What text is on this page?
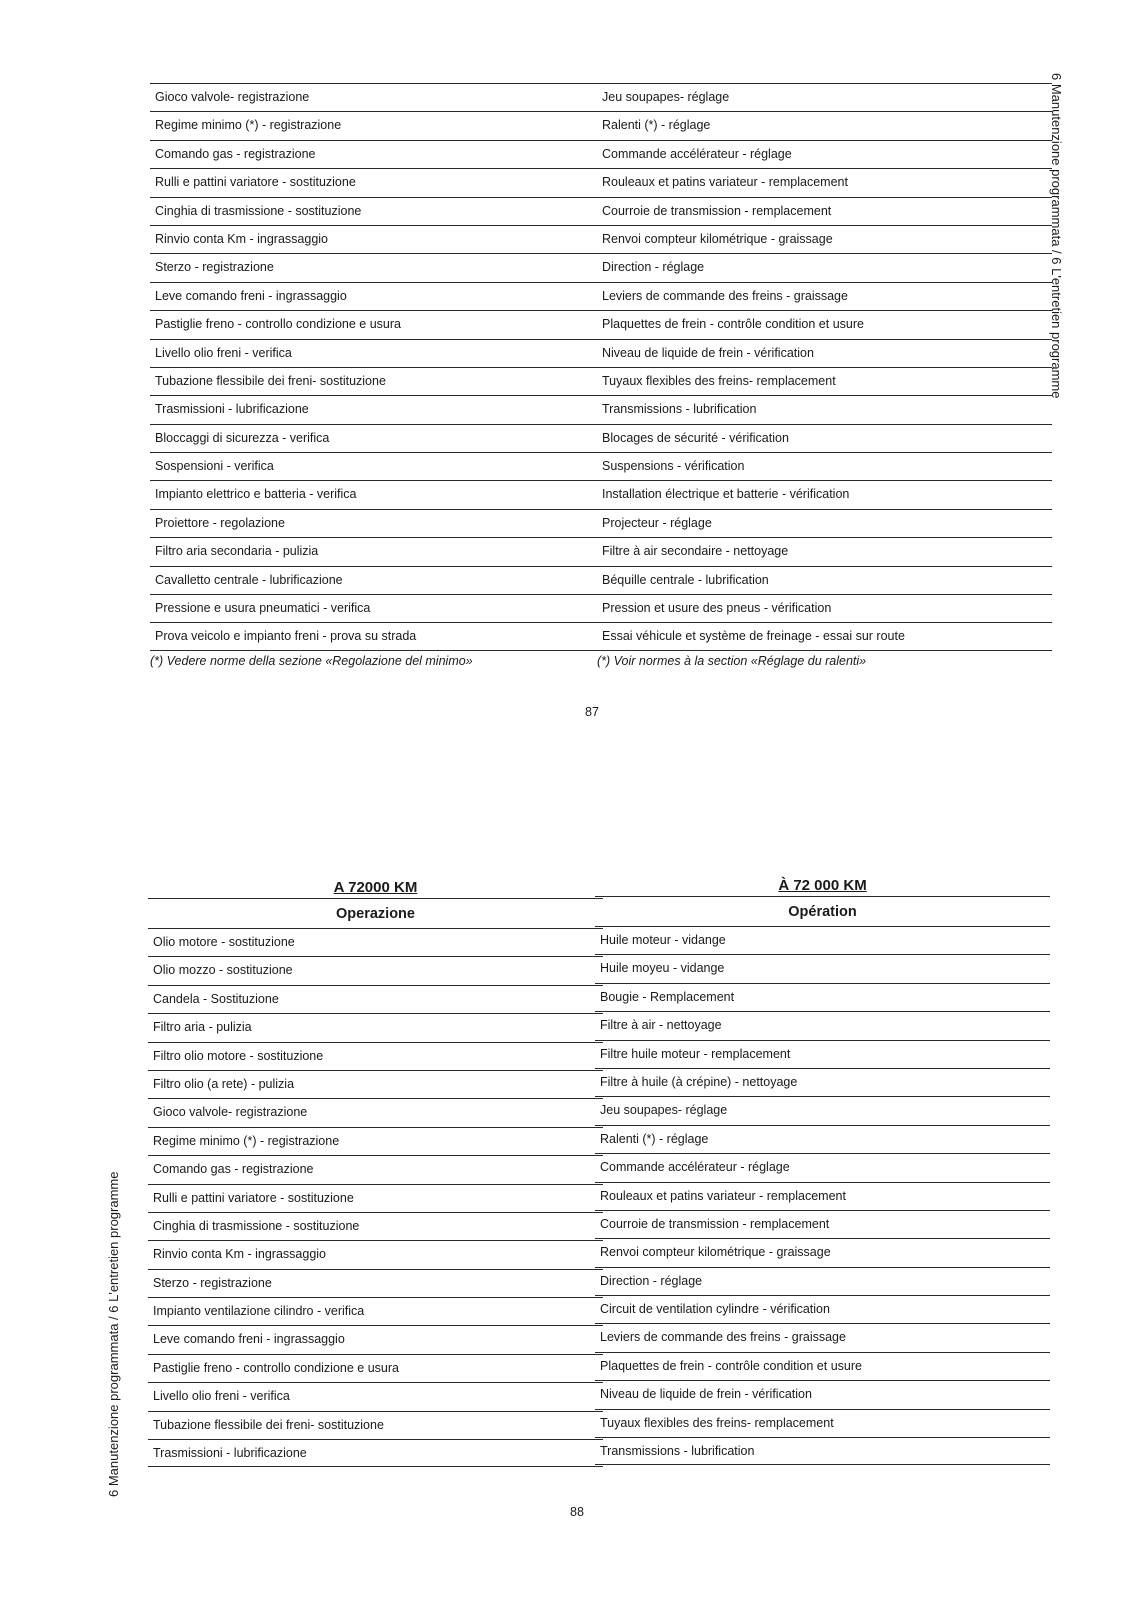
6 Manutenzione programmata / 6 L'entretien programme
6 Manutenzione programmata / 6 L'entretien programme
Gioco valvole- registrazione
Regime minimo (*) - registrazione
Comando gas - registrazione
Rulli e pattini variatore - sostituzione
Cinghia di trasmissione - sostituzione
Rinvio conta Km - ingrassaggio
Sterzo - registrazione
Leve comando freni - ingrassaggio
Pastiglie freno - controllo condizione e usura
Livello olio freni - verifica
Tubazione flessibile dei freni- sostituzione
Trasmissioni - lubrificazione
Bloccaggi di sicurezza - verifica
Sospensioni - verifica
Impianto elettrico e batteria - verifica
Proiettore - regolazione
Filtro aria secondaria - pulizia
Cavalletto centrale - lubrificazione
Pressione e usura pneumatici - verifica
Prova veicolo e impianto freni - prova su strada
(*) Vedere norme della sezione «Regolazione del minimo»
Jeu soupapes- réglage
Ralenti (*) - réglage
Commande accélérateur - réglage
Rouleaux et patins variateur - remplacement
Courroie de transmission - remplacement
Renvoi compteur kilométrique - graissage
Direction - réglage
Leviers de commande des freins - graissage
Plaquettes de frein - contrôle condition et usure
Niveau de liquide de frein - vérification
Tuyaux flexibles des freins- remplacement
Transmissions - lubrification
Blocages de sécurité - vérification
Suspensions - vérification
Installation électrique et batterie - vérification
Projecteur - réglage
Filtre à air secondaire - nettoyage
Béquille centrale - lubrification
Pression et usure des pneus - vérification
Essai véhicule et système de freinage - essai sur route
(*) Voir normes à la section «Réglage du ralenti»
87
A 72000 KM
Operazione
Olio motore - sostituzione
Olio mozzo - sostituzione
Candela - Sostituzione
Filtro aria - pulizia
Filtro olio motore - sostituzione
Filtro olio (a rete) - pulizia
Gioco valvole- registrazione
Regime minimo (*) - registrazione
Comando gas - registrazione
Rulli e pattini variatore - sostituzione
Cinghia di trasmissione - sostituzione
Rinvio conta Km - ingrassaggio
Sterzo - registrazione
Impianto ventilazione cilindro - verifica
Leve comando freni - ingrassaggio
Pastiglie freno - controllo condizione e usura
Livello olio freni - verifica
Tubazione flessibile dei freni- sostituzione
Trasmissioni - lubrificazione
À 72 000 KM
Opération
Huile moteur - vidange
Huile moyeu - vidange
Bougie - Remplacement
Filtre à air - nettoyage
Filtre huile moteur - remplacement
Filtre à huile (à crépine) - nettoyage
Jeu soupapes- réglage
Ralenti (*) - réglage
Commande accélérateur - réglage
Rouleaux et patins variateur - remplacement
Courroie de transmission - remplacement
Renvoi compteur kilométrique - graissage
Direction - réglage
Circuit de ventilation cylindre - vérification
Leviers de commande des freins - graissage
Plaquettes de frein - contrôle condition et usure
Niveau de liquide de frein - vérification
Tuyaux flexibles des freins- remplacement
Transmissions - lubrification
88
